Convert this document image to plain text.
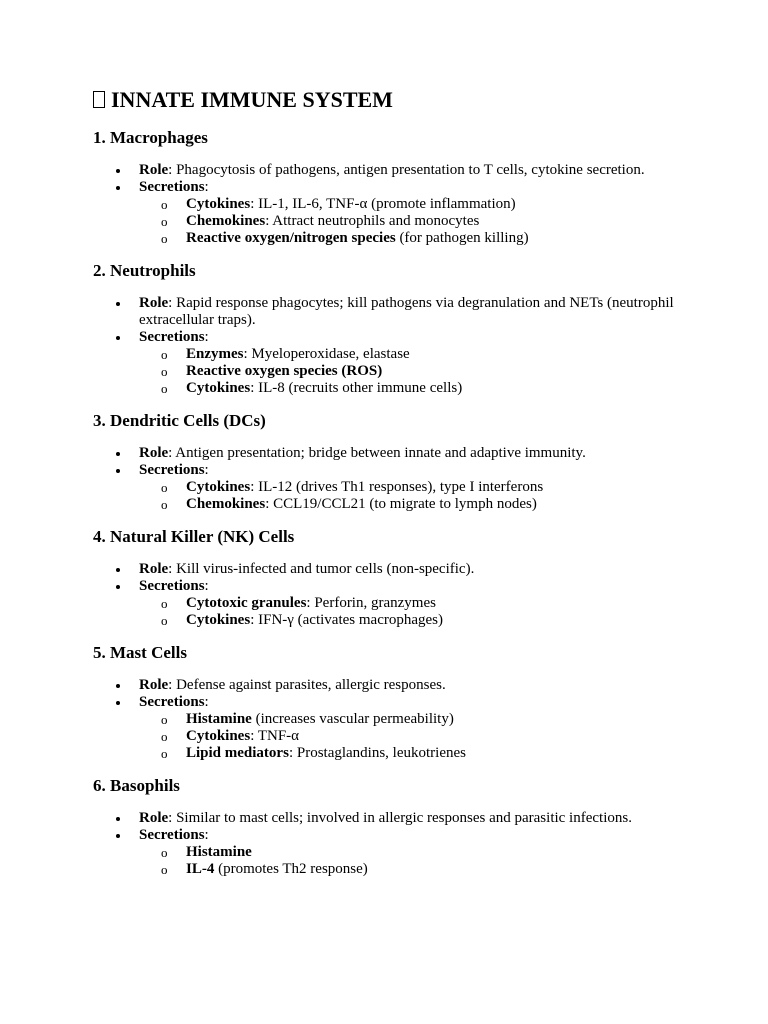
INNATE IMMUNE SYSTEM
1. Macrophages
Role: Phagocytosis of pathogens, antigen presentation to T cells, cytokine secretion.
Secretions:
o Cytokines: IL-1, IL-6, TNF-α (promote inflammation)
o Chemokines: Attract neutrophils and monocytes
o Reactive oxygen/nitrogen species (for pathogen killing)
2. Neutrophils
Role: Rapid response phagocytes; kill pathogens via degranulation and NETs (neutrophil extracellular traps).
Secretions:
o Enzymes: Myeloperoxidase, elastase
o Reactive oxygen species (ROS)
o Cytokines: IL-8 (recruits other immune cells)
3. Dendritic Cells (DCs)
Role: Antigen presentation; bridge between innate and adaptive immunity.
Secretions:
o Cytokines: IL-12 (drives Th1 responses), type I interferons
o Chemokines: CCL19/CCL21 (to migrate to lymph nodes)
4. Natural Killer (NK) Cells
Role: Kill virus-infected and tumor cells (non-specific).
Secretions:
o Cytotoxic granules: Perforin, granzymes
o Cytokines: IFN-γ (activates macrophages)
5. Mast Cells
Role: Defense against parasites, allergic responses.
Secretions:
o Histamine (increases vascular permeability)
o Cytokines: TNF-α
o Lipid mediators: Prostaglandins, leukotrienes
6. Basophils
Role: Similar to mast cells; involved in allergic responses and parasitic infections.
Secretions:
o Histamine
o IL-4 (promotes Th2 response)
